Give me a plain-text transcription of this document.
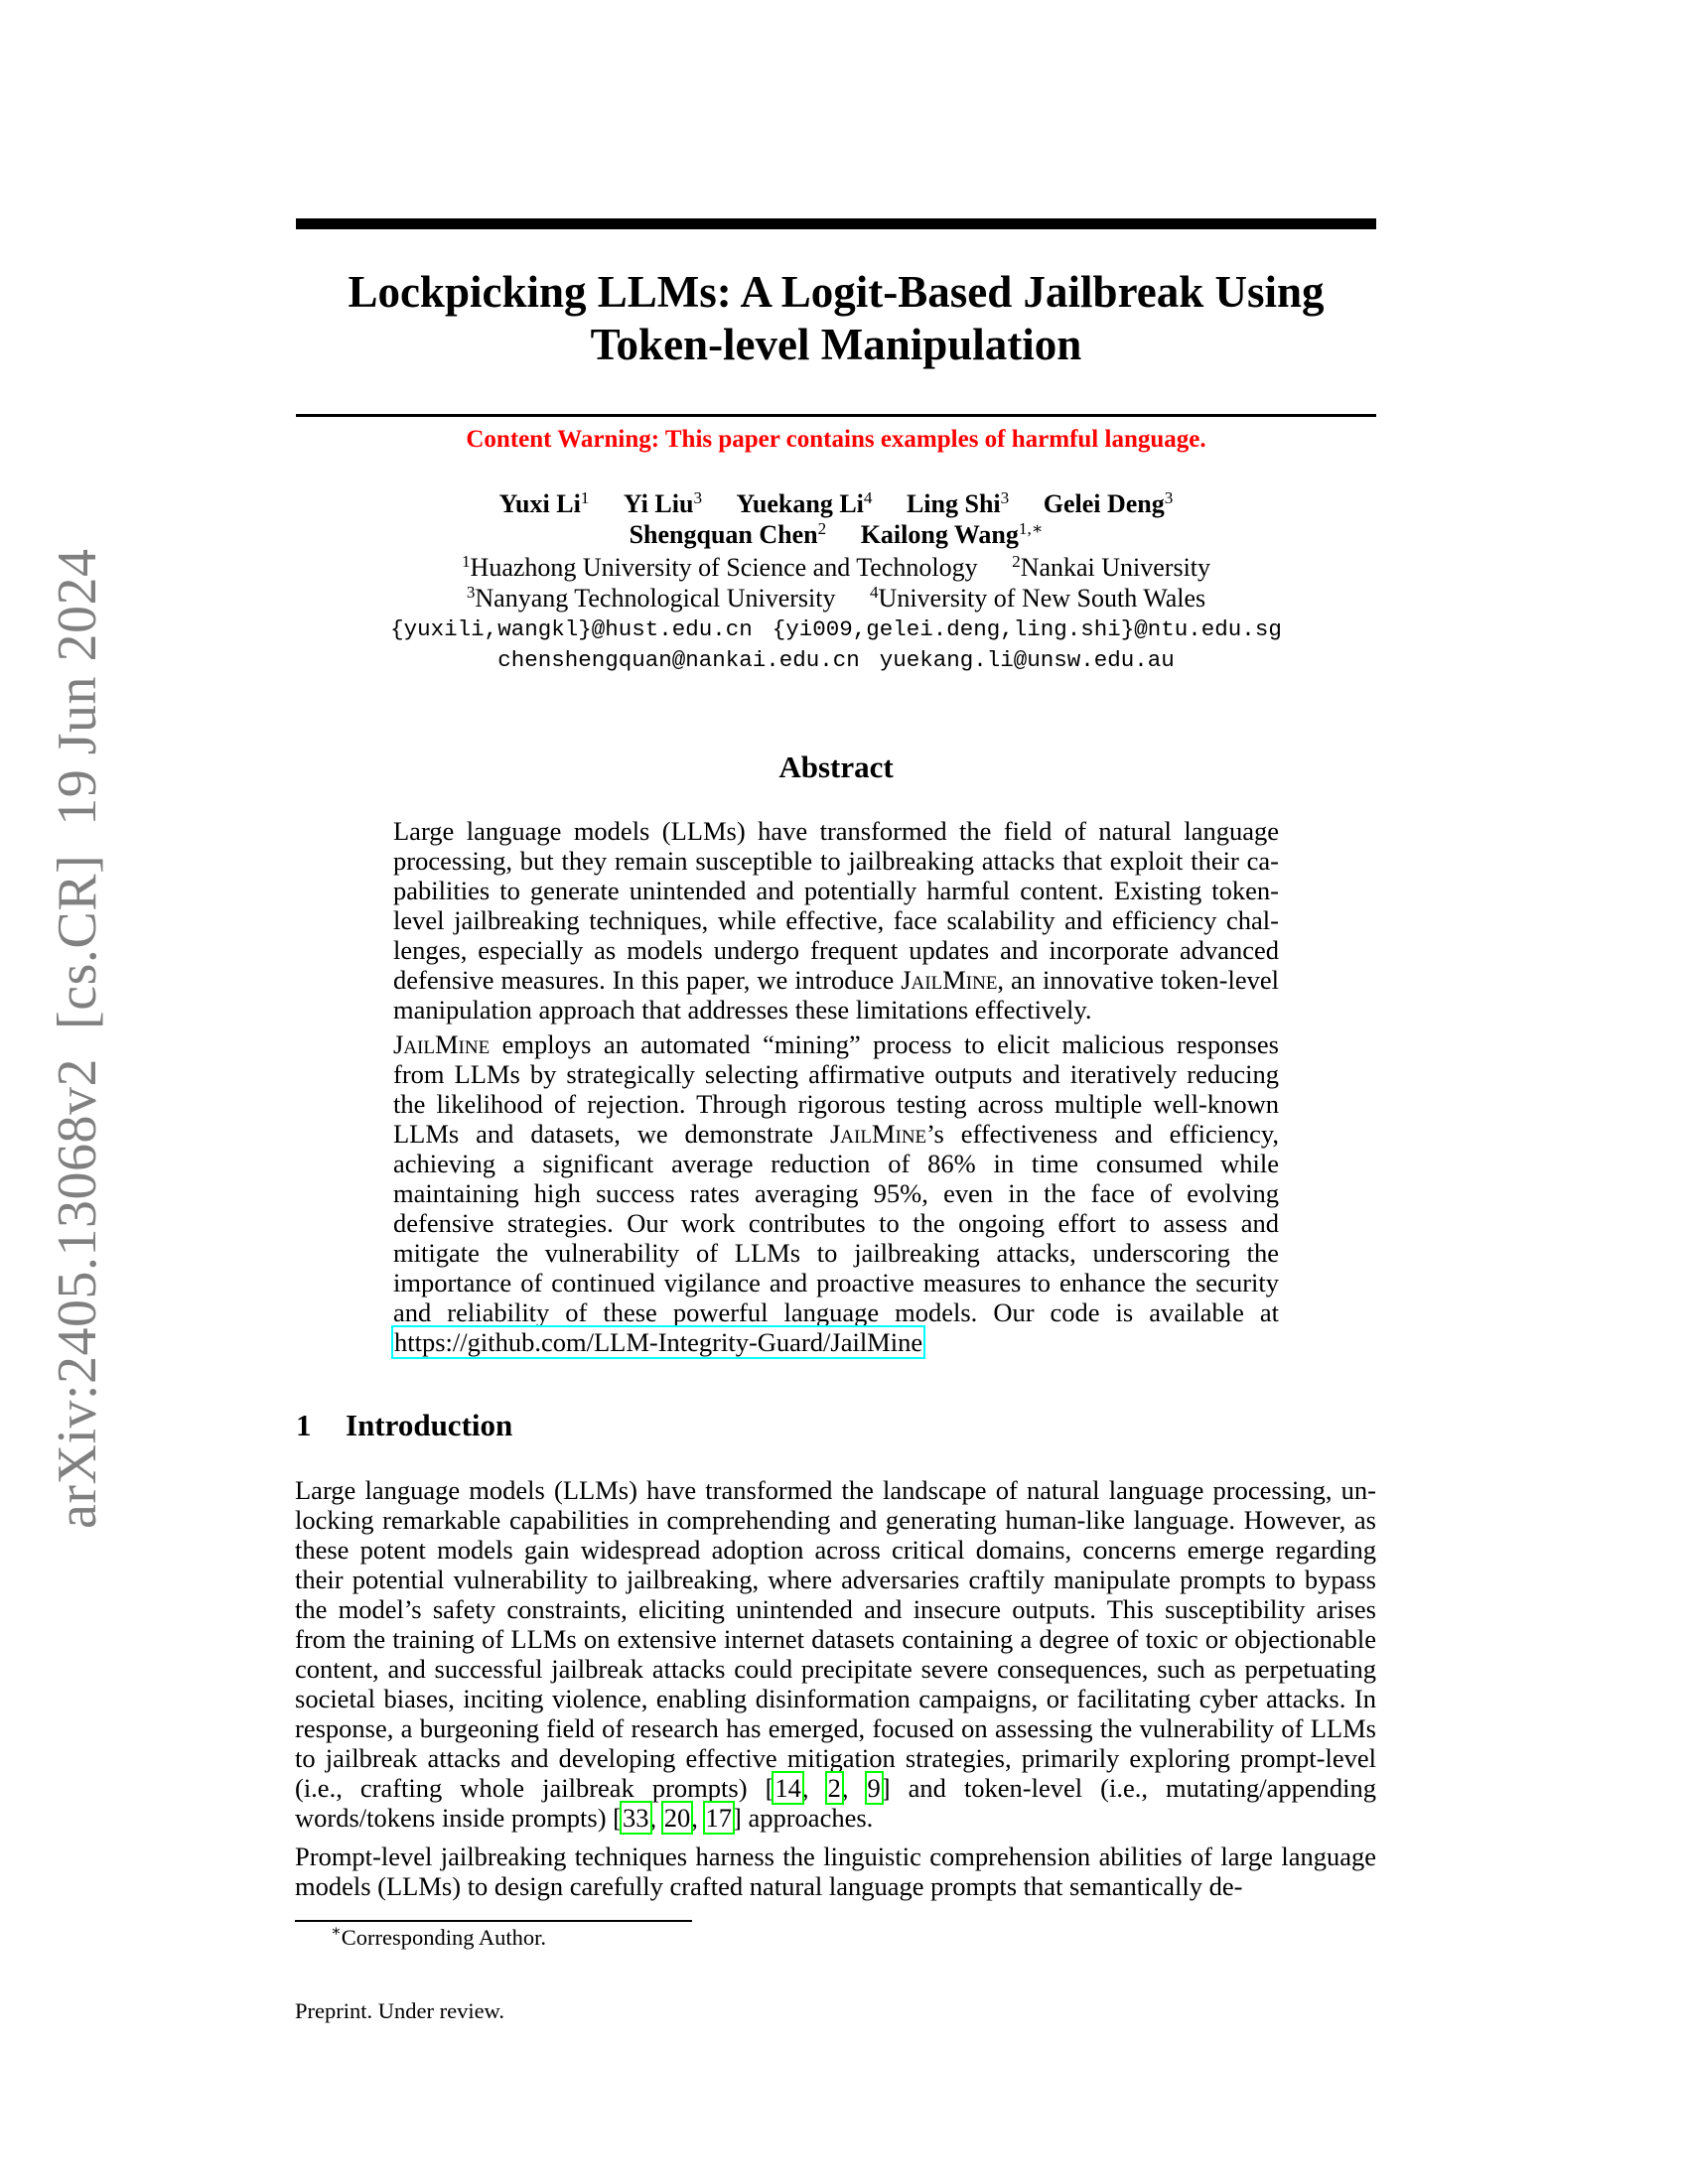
arXiv:2405.13068v2  [cs.CR]  19 Jun 2024
Lockpicking LLMs: A Logit-Based Jailbreak Using
Token-level Manipulation
Content Warning: This paper contains examples of harmful language.
Yuxi Li$^1$ Yi Liu$^3$ Yuekang Li$^4$ Ling Shi$^3$ Gelei Deng$^3$
Shengquan Chen$^2$ Kailong Wang$^{1,∗}$
$^1$Huazhong University of Science and Technology $^2$Nankai University
$^3$Nanyang Technological University $^4$University of New South Wales
{yuxili,wangkl}@hust.edu.cn {yi009,gelei.deng,ling.shi}@ntu.edu.sg
chenshengquan@nankai.edu.cn yuekang.li@unsw.edu.au
Abstract

Large language models (LLMs) have transformed the field of natural language processing, but they remain susceptible to jailbreaking attacks that exploit their capabilities to generate unintended and potentially harmful content. Existing token-level jailbreaking techniques, while effective, face scalability and efficiency challenges, especially as models undergo frequent updates and incorporate advanced defensive measures. In this paper, we introduce JailMine, an innovative token-level manipulation approach that addresses these limitations effectively.

JailMine employs an automated “mining” process to elicit malicious responses from LLMs by strategically selecting affirmative outputs and iteratively reducing the likelihood of rejection. Through rigorous testing across multiple well-known LLMs and datasets, we demonstrate JailMine’s effectiveness and efficiency, achieving a significant average reduction of 86% in time consumed while maintaining high success rates averaging 95%, even in the face of evolving defensive strategies. Our work contributes to the ongoing effort to assess and mitigate the vulnerability of LLMs to jailbreaking attacks, underscoring the importance of continued vigilance and proactive measures to enhance the security and reliability of these powerful language models. Our code is available at https://github.com/LLM-Integrity-Guard/JailMine

1 Introduction

Large language models (LLMs) have transformed the landscape of natural language processing, unlocking remarkable capabilities in comprehending and generating human-like language. However, as these potent models gain widespread adoption across critical domains, concerns emerge regarding their potential vulnerability to jailbreaking, where adversaries craftily manipulate prompts to bypass the model’s safety constraints, eliciting unintended and insecure outputs. This susceptibility arises from the training of LLMs on extensive internet datasets containing a degree of toxic or objectionable content, and successful jailbreak attacks could precipitate severe consequences, such as perpetuating societal biases, inciting violence, enabling disinformation campaigns, or facilitating cyber attacks. In response, a burgeoning field of research has emerged, focused on assessing the vulnerability of LLMs to jailbreak attacks and developing effective mitigation strategies, primarily exploring prompt-level (i.e., crafting whole jailbreak prompts) [14, 2, 9] and token-level (i.e., mutating/appending words/tokens inside prompts) [33, 20, 17] approaches.

Prompt-level jailbreaking techniques harness the linguistic comprehension abilities of large language models (LLMs) to design carefully crafted natural language prompts that semantically de-

∗Corresponding Author.
Preprint. Under review.
